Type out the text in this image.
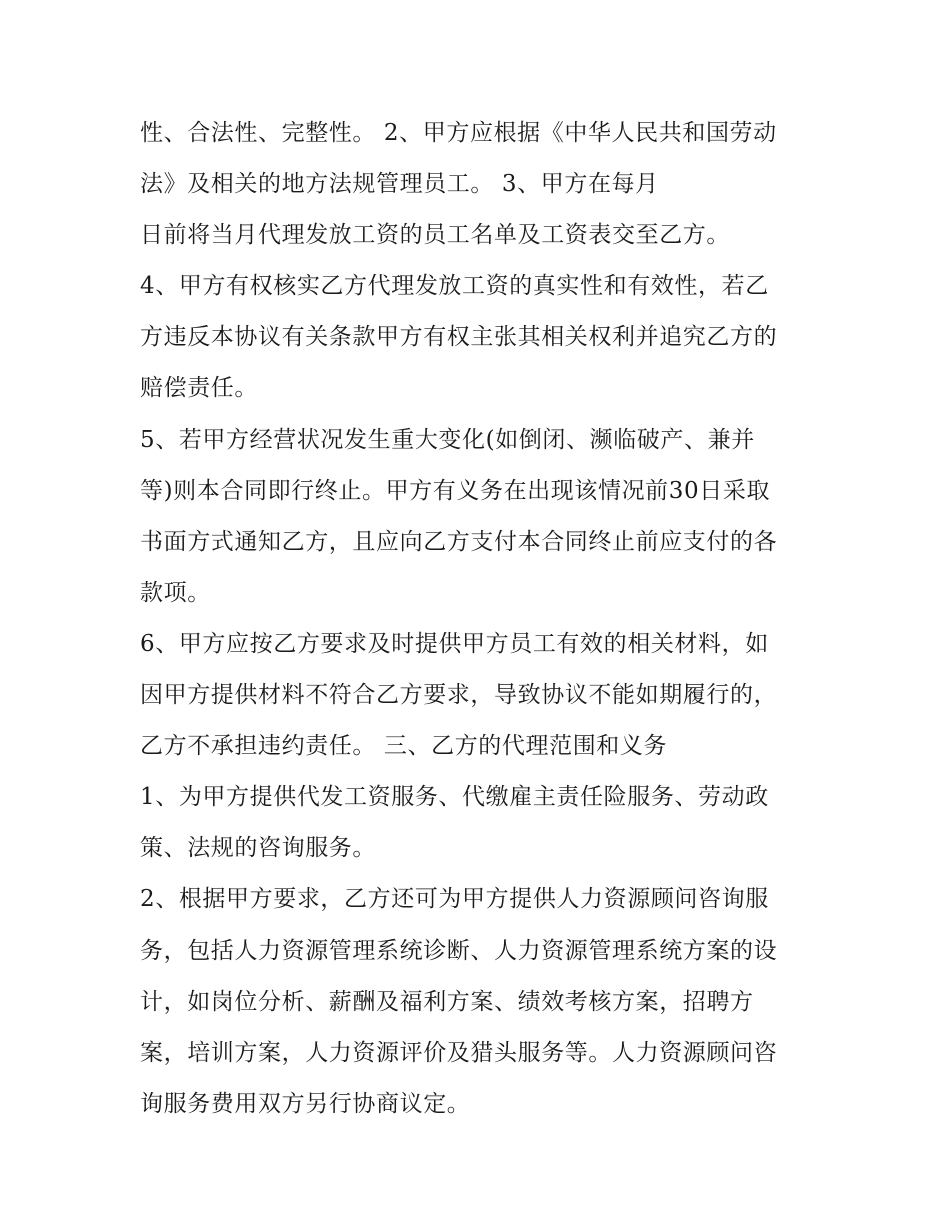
性、合法性、完整性。 2、甲方应根据《中华人民共和国劳动
法》及相关的地方法规管理员工。 3、甲方在每月
日前将当月代理发放工资的员工名单及工资表交至乙方。
4、甲方有权核实乙方代理发放工资的真实性和有效性，若乙
方违反本协议有关条款甲方有权主张其相关权利并追究乙方的
赔偿责任。
5、若甲方经营状况发生重大变化(如倒闭、濒临破产、兼并
等)则本合同即行终止。甲方有义务在出现该情况前30日采取
书面方式通知乙方，且应向乙方支付本合同终止前应支付的各
款项。
6、甲方应按乙方要求及时提供甲方员工有效的相关材料，如
因甲方提供材料不符合乙方要求，导致协议不能如期履行的，
乙方不承担违约责任。 三、乙方的代理范围和义务
1、为甲方提供代发工资服务、代缴雇主责任险服务、劳动政
策、法规的咨询服务。
2、根据甲方要求，乙方还可为甲方提供人力资源顾问咨询服
务，包括人力资源管理系统诊断、人力资源管理系统方案的设
计，如岗位分析、薪酬及福利方案、绩效考核方案，招聘方
案，培训方案，人力资源评价及猎头服务等。人力资源顾问咨
询服务费用双方另行协商议定。
